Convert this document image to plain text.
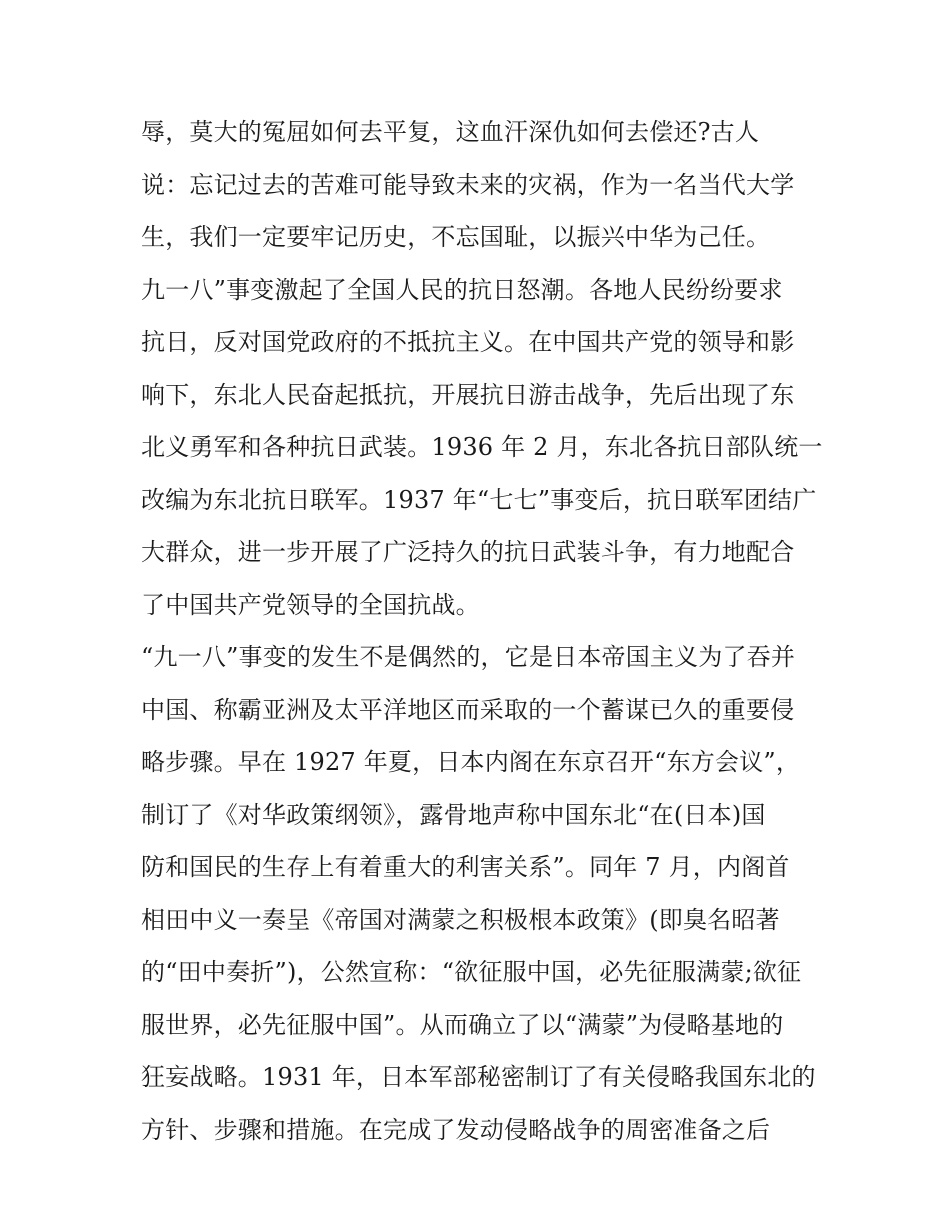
辱，莫大的冤屈如何去平复，这血汗深仇如何去偿还?古人
说：忘记过去的苦难可能导致未来的灾祸，作为一名当代大学
生，我们一定要牢记历史，不忘国耻，以振兴中华为己任。
九一八”事变激起了全国人民的抗日怒潮。各地人民纷纷要求
抗日，反对国党政府的不抵抗主义。在中国共产党的领导和影
响下，东北人民奋起抵抗，开展抗日游击战争，先后出现了东
北义勇军和各种抗日武装。1936 年 2 月，东北各抗日部队统一
改编为东北抗日联军。1937 年“七七”事变后，抗日联军团结广
大群众，进一步开展了广泛持久的抗日武装斗争，有力地配合
了中国共产党领导的全国抗战。
“九一八”事变的发生不是偶然的，它是日本帝国主义为了吞并
中国、称霸亚洲及太平洋地区而采取的一个蓄谋已久的重要侵
略步骤。早在 1927 年夏，日本内阁在东京召开“东方会议”，
制订了《对华政策纲领》，露骨地声称中国东北“在(日本)国
防和国民的生存上有着重大的利害关系”。同年 7 月，内阁首
相田中义一奏呈《帝国对满蒙之积极根本政策》(即臭名昭著
的“田中奏折”)，公然宣称：“欲征服中国，必先征服满蒙;欲征
服世界，必先征服中国”。从而确立了以“满蒙”为侵略基地的
狂妄战略。1931 年，日本军部秘密制订了有关侵略我国东北的
方针、步骤和措施。在完成了发动侵略战争的周密准备之后
